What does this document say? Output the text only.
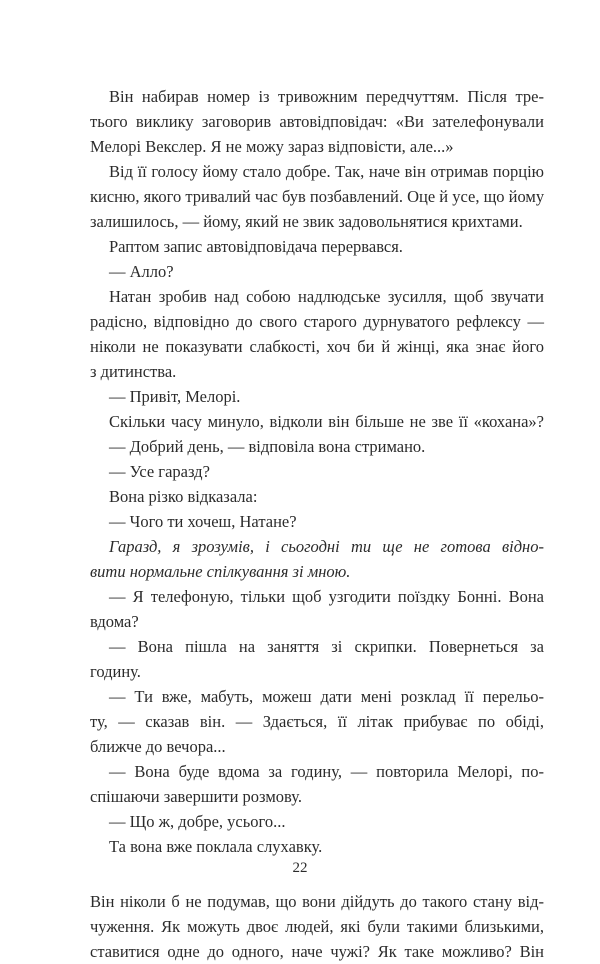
Він набирав номер із тривожним передчуттям. Після тре-
тього виклику заговорив автовідповідач: «Ви зателефонували
Мелорі Векслер. Я не можу зараз відповісти, але...»
Від її голосу йому стало добре. Так, наче він отримав порцію
кисню, якого тривалий час був позбавлений. Оце й усе, що йому
залишилось, — йому, який не звик задовольнятися крихтами.
Раптом запис автовідповідача перервався.
— Алло?
Натан зробив над собою надлюдське зусилля, щоб звучати
радісно, відповідно до свого старого дурнуватого рефлексу —
ніколи не показувати слабкості, хоч би й жінці, яка знає його
з дитинства.
— Привіт, Мелорі.
Скільки часу минуло, відколи він більше не зве її «кохана»?
— Добрий день, — відповіла вона стримано.
— Усе гаразд?
Вона різко відказала:
— Чого ти хочеш, Натане?
Гаразд, я зрозумів, і сьогодні ти ще не готова відно-
вити нормальне спілкування зі мною.
— Я телефоную, тільки щоб узгодити поїздку Бонні. Вона
вдома?
— Вона пішла на заняття зі скрипки. Повернеться за
годину.
— Ти вже, мабуть, можеш дати мені розклад її перельо-
ту, — сказав він. — Здається, її літак прибуває по обіді,
ближче до вечора...
— Вона буде вдома за годину, — повторила Мелорі, по-
спішаючи завершити розмову.
— Що ж, добре, усього...
Та вона вже поклала слухавку.
Він ніколи б не подумав, що вони дійдуть до такого стану від-
чуження. Як можуть двоє людей, які були такими близькими,
ставитися одне до одного, наче чужі? Як таке можливо? Він
22
